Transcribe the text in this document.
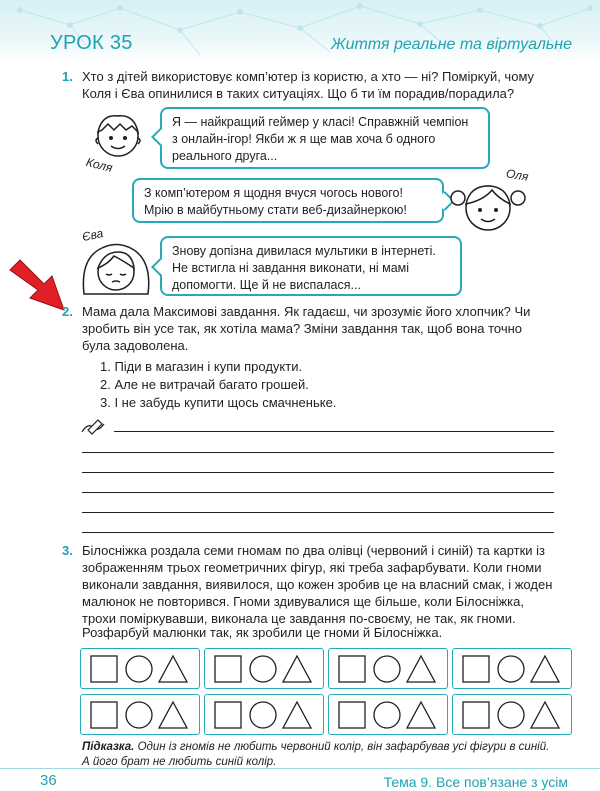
УРОК 35	Життя реальне та віртуальне
1. Хто з дітей використовує комп’ютер із користю, а хто — ні? Поміркуй, чому
Коля і Єва опинилися в таких ситуаціях. Що б ти їм порадив/порадила?
Коля
Я — найкращий геймер у класі! Справжній чемпіон
з онлайн-ігор! Якби ж я ще мав хоча б одного
реального друга...
З комп’ютером я щодня вчуся чогось нового!
Мрію в майбутньому стати веб-дизайнеркою!
Оля
Єва
Знову допізна дивилася мультики в інтернеті.
Не встигла ні завдання виконати, ні мамі
допомогти. Ще й не виспалася...
2. Мама дала Максимові завдання. Як гадаєш, чи зрозуміє його хлопчик? Чи
зробить він усе так, як хотіла мама? Зміни завдання так, щоб вона точно
була задоволена.
1. Піди в магазин і купи продукти.
2. Але не витрачай багато грошей.
3. І не забудь купити щось смачненьке.
3. Білосніжка роздала семи гномам по два олівці (червоний і синій) та картки із
зображенням трьох геометричних фігур, які треба зафарбувати. Коли гноми
виконали завдання, виявилося, що кожен зробив це на власний смак, і жоден
малюнок не повторився. Гноми здивувалися ще більше, коли Білосніжка,
трохи поміркувавши, виконала це завдання по-своєму, не так, як гноми.
Розфарбуй малюнки так, як зробили це гноми й Білосніжка.
Підказка. Один із гномів не любить червоний колір, він зафарбував усі фігури в синій.
А його брат не любить синій колір.
36	Тема 9. Все пов’язане з усім
